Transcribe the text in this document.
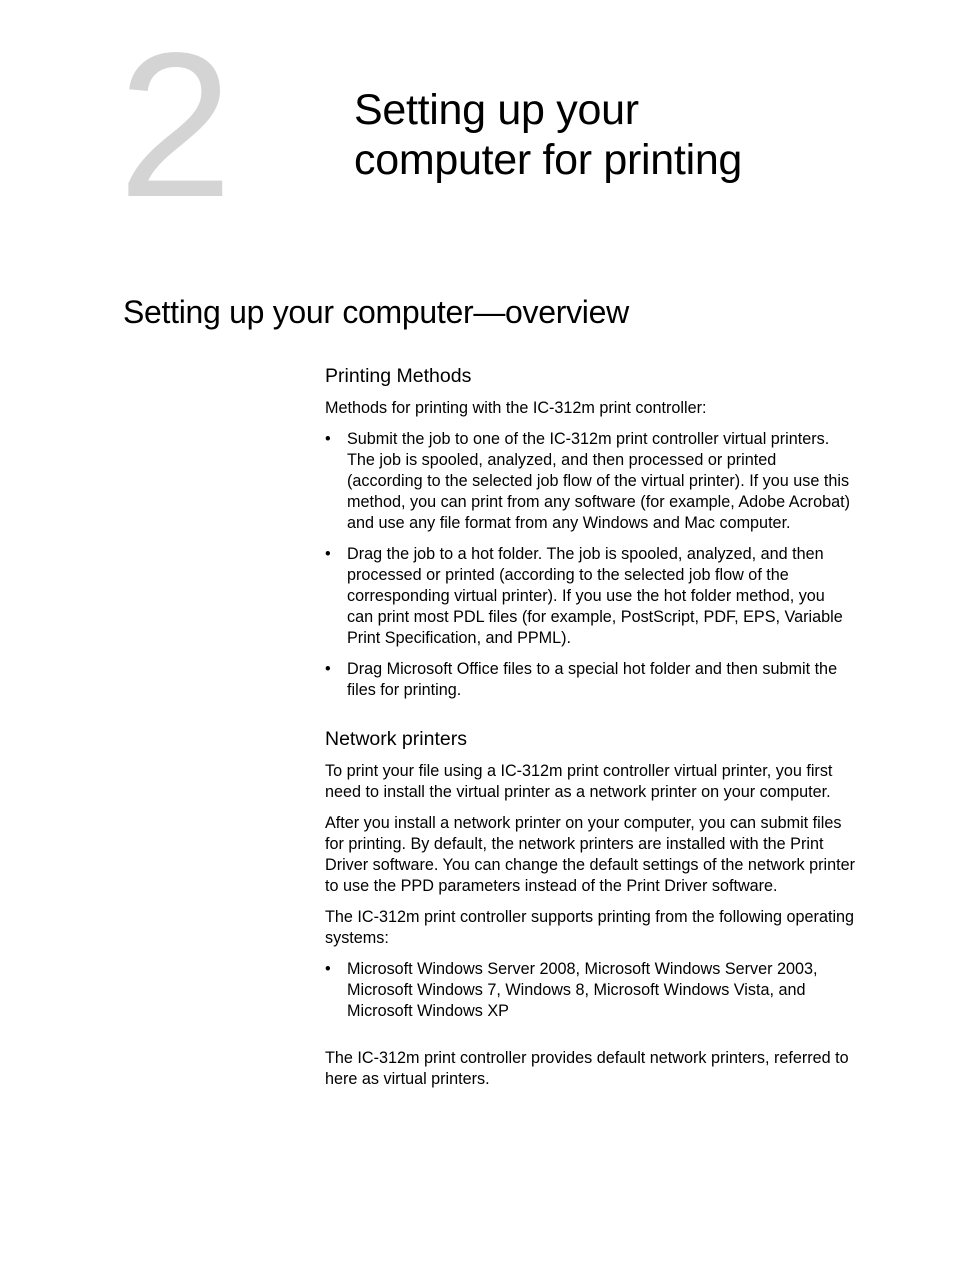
2	Setting up your
computer for printing
Setting up your computer—overview
Printing Methods

Methods for printing with the IC-312m print controller:

• Submit the job to one of the IC-312m print controller virtual printers. The job is spooled, analyzed, and then processed or printed (according to the selected job flow of the virtual printer). If you use this method, you can print from any software (for example, Adobe Acrobat) and use any file format from any Windows and Mac computer.
• Drag the job to a hot folder. The job is spooled, analyzed, and then processed or printed (according to the selected job flow of the corresponding virtual printer). If you use the hot folder method, you can print most PDL files (for example, PostScript, PDF, EPS, Variable Print Specification, and PPML).
• Drag Microsoft Office files to a special hot folder and then submit the files for printing.
Network printers

To print your file using a IC-312m print controller virtual printer, you first need to install the virtual printer as a network printer on your computer.

After you install a network printer on your computer, you can submit files for printing. By default, the network printers are installed with the Print Driver software. You can change the default settings of the network printer to use the PPD parameters instead of the Print Driver software.

The IC-312m print controller supports printing from the following operating systems:

• Microsoft Windows Server 2008, Microsoft Windows Server 2003, Microsoft Windows 7, Windows 8, Microsoft Windows Vista, and Microsoft Windows XP

The IC-312m print controller provides default network printers, referred to here as virtual printers.
